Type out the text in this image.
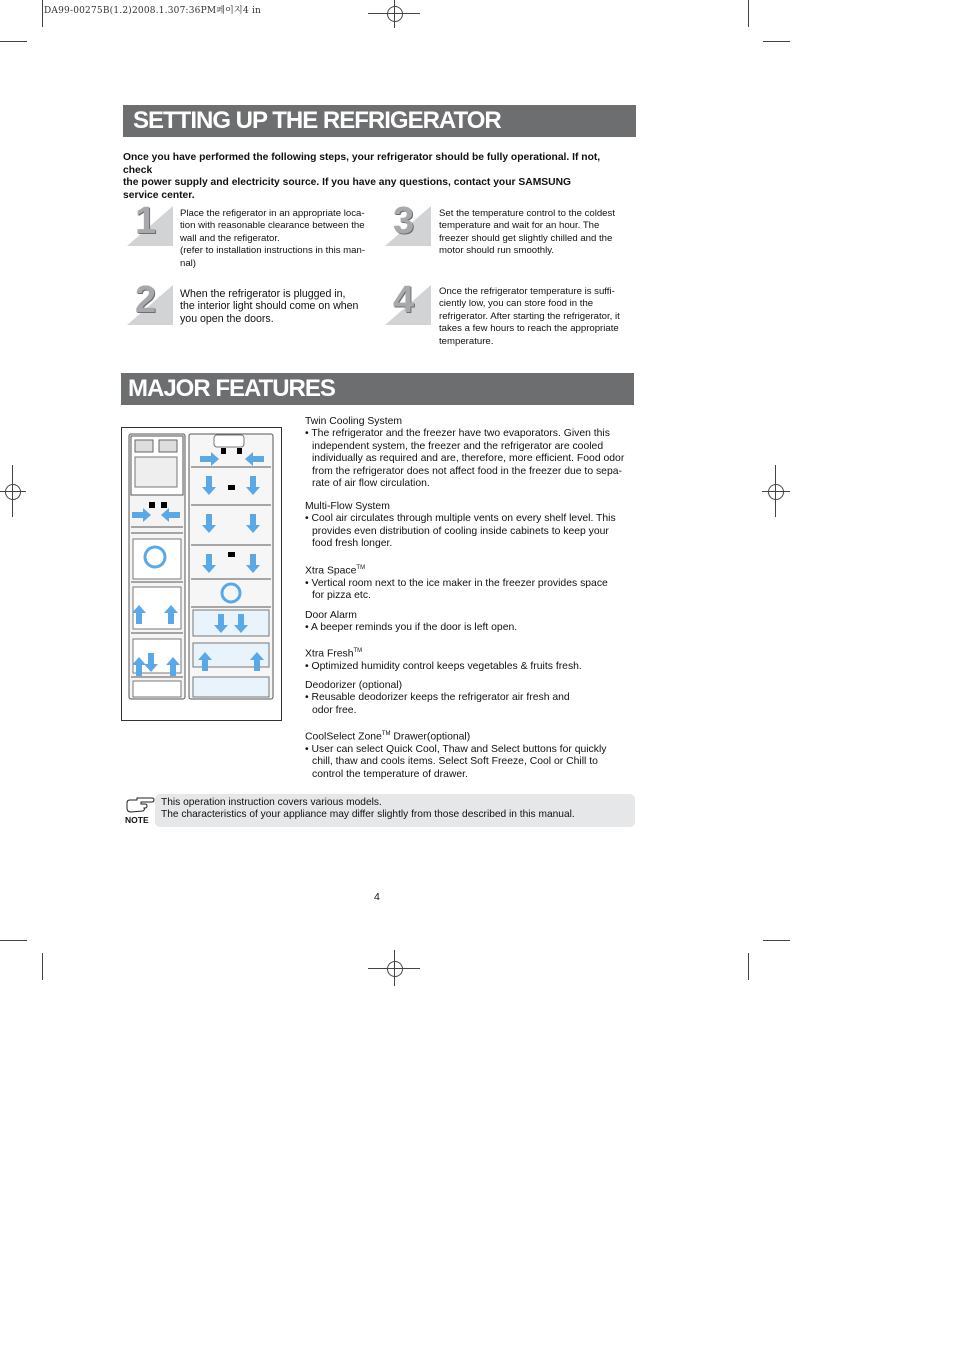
DA99-00275B(1.2)2008.1.307:36PM페이지4 in
SETTING UP THE REFRIGERATOR
Once you have performed the following steps, your refrigerator should be fully operational. If not, check
the power supply and electricity source. If you have any questions, contact your SAMSUNG
service center.
1	Place the refigerator in an appropriate loca-
tion with reasonable clearance between the
wall and the refigerator.
(refer to installation instructions in this man-
nal)
2 When the refrigerator is plugged in,
the interior light should come on when
you open the doors.
3	Set the temperature control to the coldest
temperature and wait for an hour. The
freezer should get slightly chilled and the
motor should run smoothly.
4	Once the refrigerator temperature is suffi-
ciently low, you can store food in the
refrigerator. After starting the refrigerator, it
takes a few hours to reach the appropriate
temperature.
MAJOR FEATURES
Twin Cooling System
• The refrigerator and the freezer have two evaporators. Given this
independent system, the freezer and the refrigerator are cooled
individually as required and are, therefore, more efficient. Food odor
from the refrigerator does not affect food in the freezer due to sepa-
rate of air flow circulation.
Multi-Flow System
• Cool air circulates through multiple vents on every shelf level. This
provides even distribution of cooling inside cabinets to keep your
food fresh longer.
Xtra Space™
• Vertical room next to the ice maker in the freezer provides space
for pizza etc.
Door Alarm
• A beeper reminds you if the door is left open.
Xtra Fresh™
• Optimized humidity control keeps vegetables & fruits fresh.
Deodorizer (optional)
• Reusable deodorizer keeps the refrigerator air fresh and
odor free.
CoolSelect Zone™ Drawer(optional)
• User can select Quick Cool, Thaw and Select buttons for quickly
chill, thaw and cools items. Select Soft Freeze, Cool or Chill to
control the temperature of drawer.
NOTE
This operation instruction covers various models.
The characteristics of your appliance may differ slightly from those described in this manual.
4
